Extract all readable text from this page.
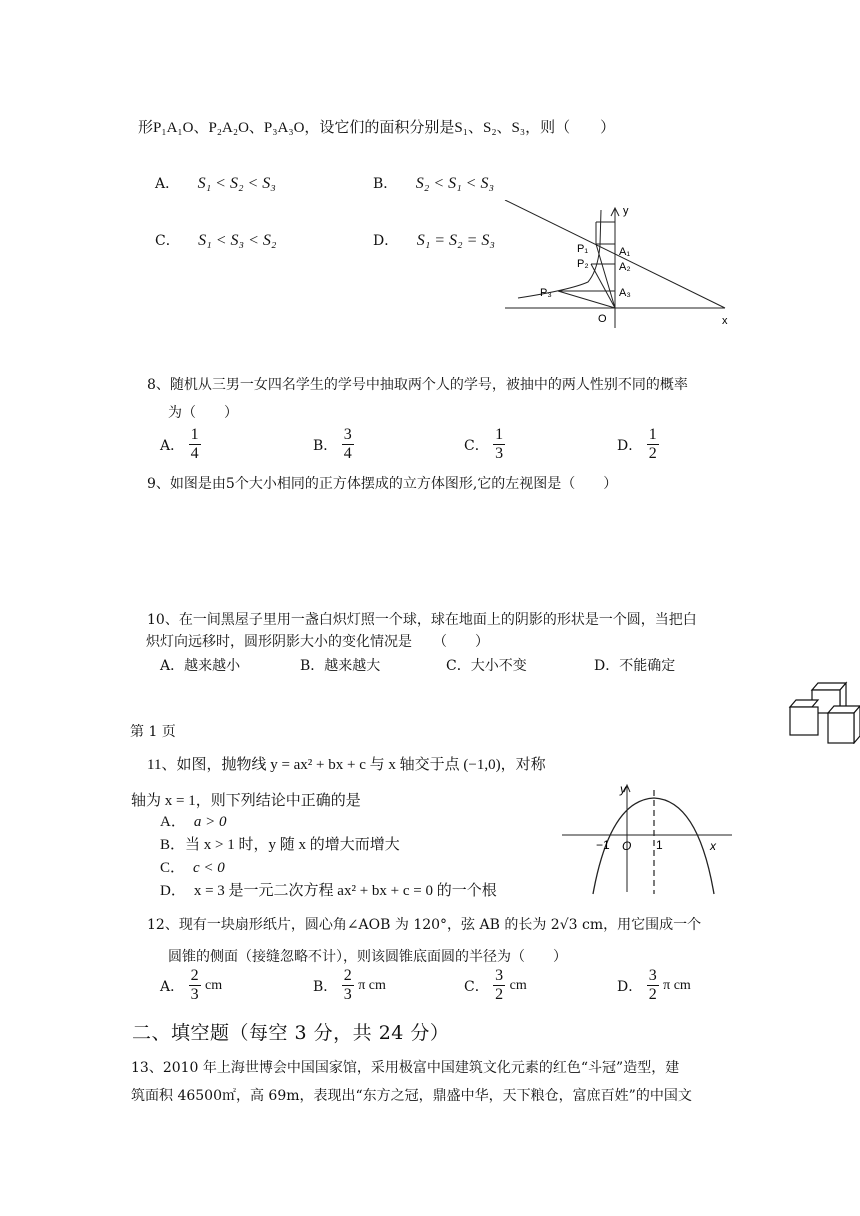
形P₁A₁O、P₂A₂O、P₃A₃O，设它们的面积分别是S₁、S₂、S₃，则（　　）
A． S₁ < S₂ < S₃	B． S₂ < S₁ < S₃
C． S₁ < S₃ < S₂	D． S₁ = S₂ = S₃
y
x
O
P₁
P₂
P₃
A₁
A₂
A₃
8、随机从三男一女四名学生的学号中抽取两个人的学号，被抽中的两人性别不同的概率
为（　　）
A． $\frac{1}{4}$	B． $\frac{3}{4}$	C． $\frac{1}{3}$	D． $\frac{1}{2}$
9、如图是由5个大小相同的正方体摆成的立方体图形,它的左视图是（　　）
10、在一间黑屋子里用一盏白炽灯照一个球，球在地面上的阴影的形状是一个圆，当把白
炽灯向远移时，圆形阴影大小的变化情况是　　（　　）
A．越来越小	B．越来越大	C．大小不变	D．不能确定
第 1 页
11、如图，抛物线 y = ax² + bx + c 与 x 轴交于点 (−1,0)，对称
轴为 x = 1，则下列结论中正确的是
A． a > 0
B．当 x > 1 时，y 随 x 的增大而增大
C． c < 0
D． x = 3 是一元二次方程 ax² + bx + c = 0 的一个根
y
x
O
−1	1
12、现有一块扇形纸片，圆心角∠AOB 为 120°，弦 AB 的长为 2√3 cm，用它围成一个
圆锥的侧面（接缝忽略不计），则该圆锥底面圆的半径为（　　）
A． $\frac{2}{3}$ cm	B． $\frac{2}{3}$ π cm	C． $\frac{3}{2}$ cm	D． $\frac{3}{2}$ π cm
二、填空题（每空 3 分，共 24 分）
13、2010 年上海世博会中国国家馆，采用极富中国建筑文化元素的红色“斗冠”造型，建
筑面积 46500㎡，高 69m，表现出“东方之冠，鼎盛中华，天下粮仓，富庶百姓”的中国文
